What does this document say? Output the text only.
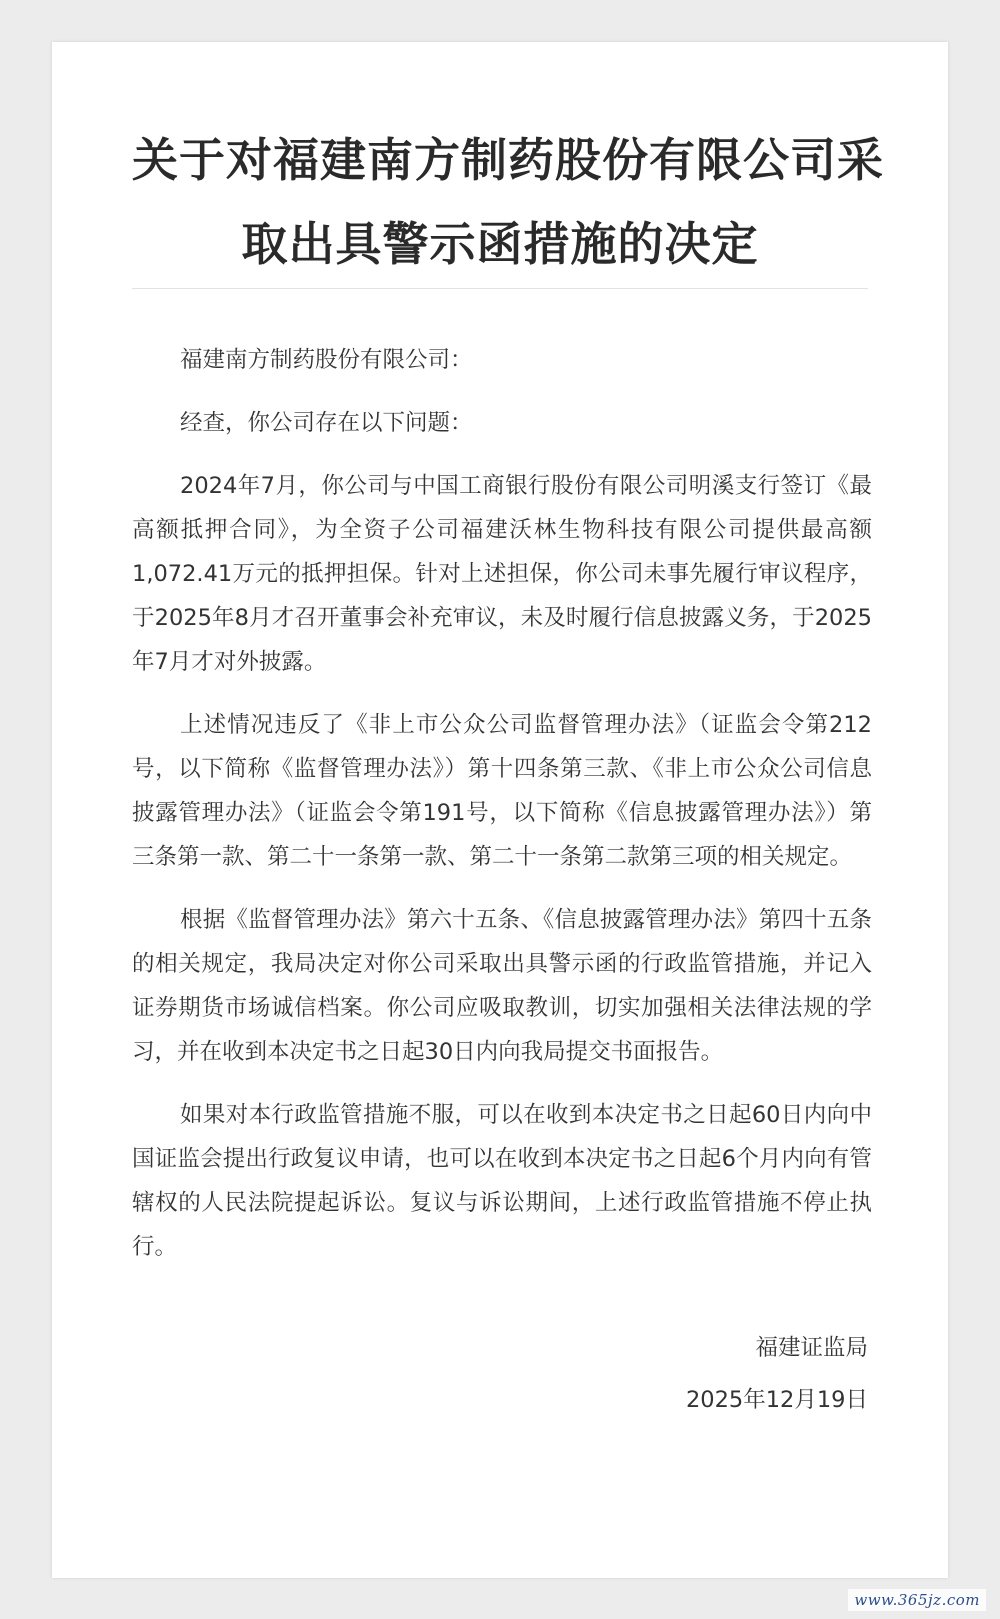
关于对福建南方制药股份有限公司采
取出具警示函措施的决定

福建南方制药股份有限公司：

经查，你公司存在以下问题：

2024年7月，你公司与中国工商银行股份有限公司明溪支行签订《最高额抵押合同》，为全资子公司福建沃林生物科技有限公司提供最高额1,072.41万元的抵押担保。针对上述担保，你公司未事先履行审议程序，于2025年8月才召开董事会补充审议，未及时履行信息披露义务，于2025年7月才对外披露。

上述情况违反了《非上市公众公司监督管理办法》（证监会令第212号，以下简称《监督管理办法》）第十四条第三款、《非上市公众公司信息披露管理办法》（证监会令第191号，以下简称《信息披露管理办法》）第三条第一款、第二十一条第一款、第二十一条第二款第三项的相关规定。

根据《监督管理办法》第六十五条、《信息披露管理办法》第四十五条的相关规定，我局决定对你公司采取出具警示函的行政监管措施，并记入证券期货市场诚信档案。你公司应吸取教训，切实加强相关法律法规的学习，并在收到本决定书之日起30日内向我局提交书面报告。

如果对本行政监管措施不服，可以在收到本决定书之日起60日内向中国证监会提出行政复议申请，也可以在收到本决定书之日起6个月内向有管辖权的人民法院提起诉讼。复议与诉讼期间，上述行政监管措施不停止执行。

福建证监局
2025年12月19日
www.365jz.com
